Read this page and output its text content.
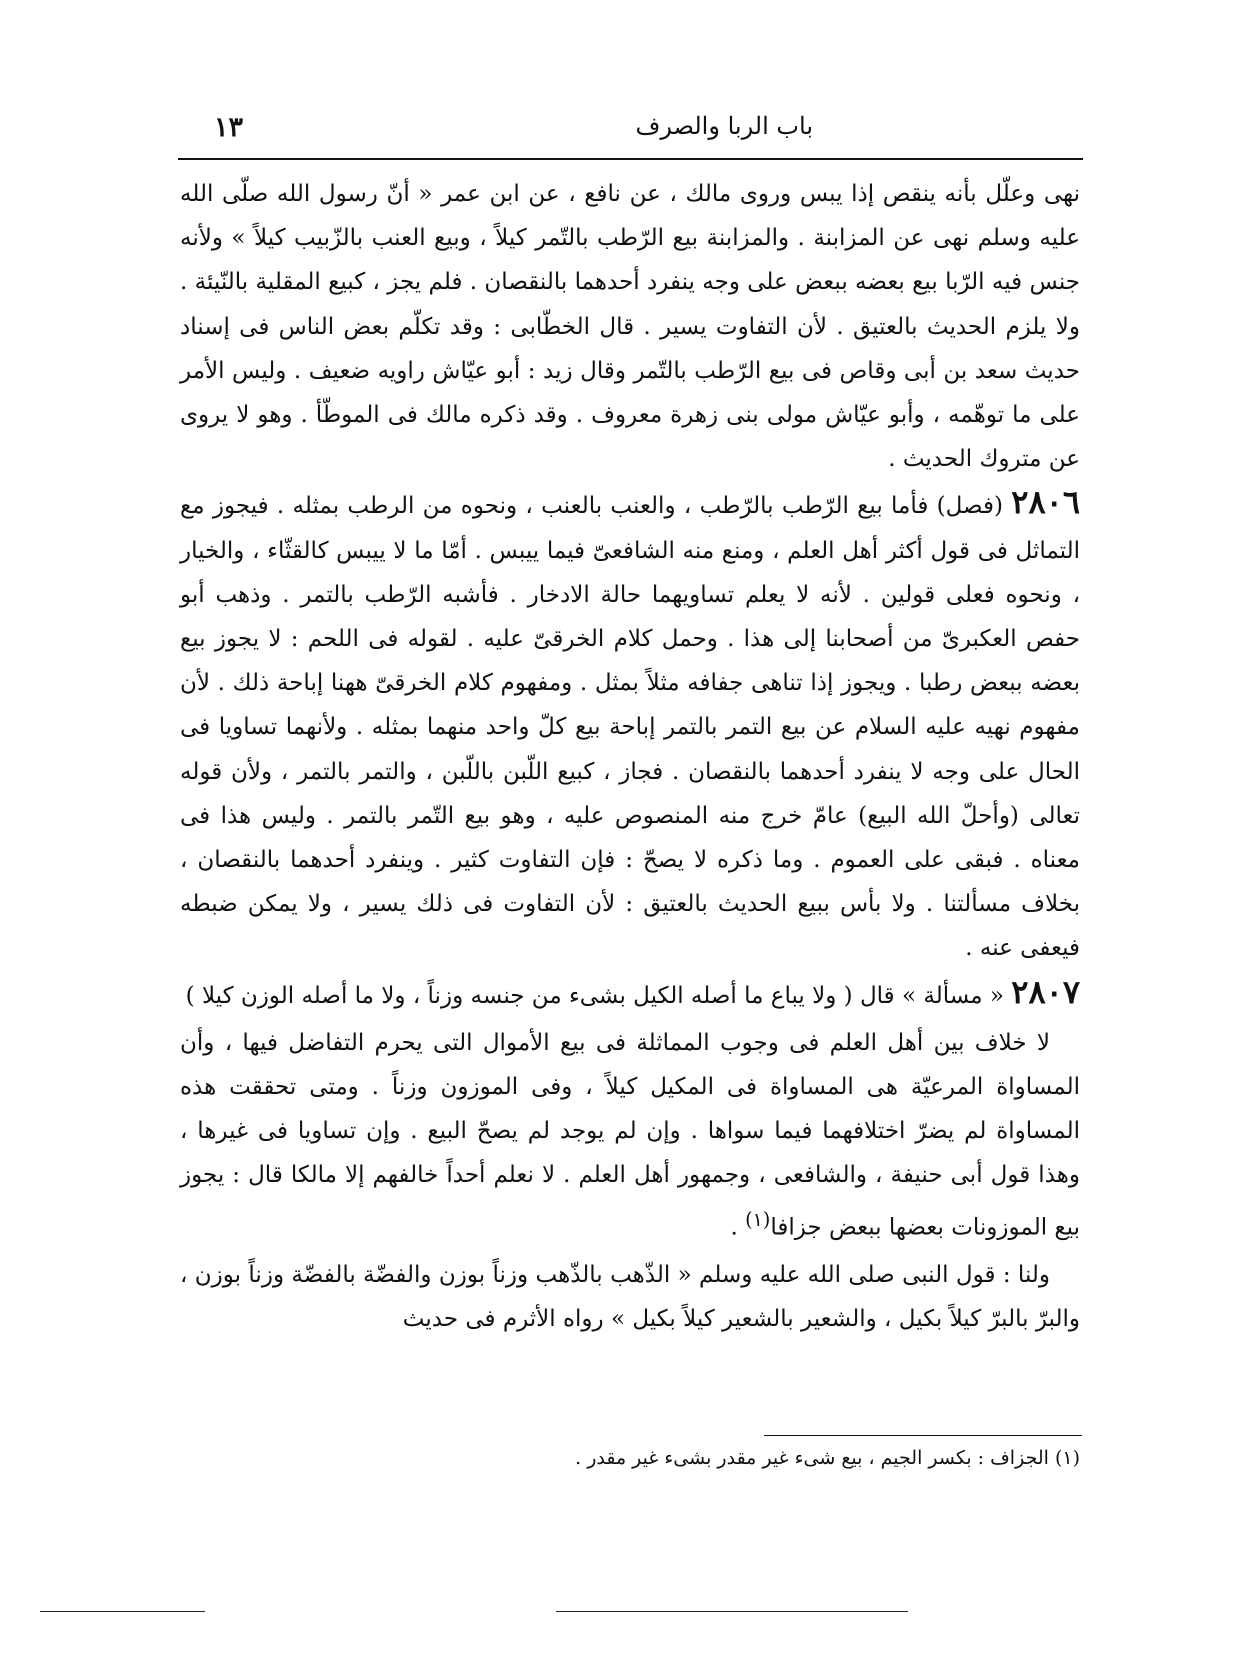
باب الربا والصرف
١٣

نهى وعلّل بأنه ينقص إذا يبس وروى مالك ، عن نافع ، عن ابن عمر « أنّ رسول الله صلّى الله عليه وسلم نهى عن المزابنة . والمزابنة بيع الرّطب بالتّمر كيلاً ، وبيع العنب بالزّبيب كيلاً » ولأنه جنس فيه الرّبا بيع بعضه ببعض على وجه ينفرد أحدهما بالنقصان . فلم يجز ، كبيع المقلية بالنّيئة . ولا يلزم الحديث بالعتيق . لأن التفاوت يسير . قال الخطّابى : وقد تكلّم بعض الناس فى إسناد حديث سعد بن أبى وقاص فى بيع الرّطب بالتّمر وقال زيد : أبو عيّاش راويه ضعيف . وليس الأمر على ما توهّمه ، وأبو عيّاش مولى بنى زهرة معروف . وقد ذكره مالك فى الموطّأ . وهو لا يروى عن متروك الحديث .

٢٨٠٦ (فصل) فأما بيع الرّطب بالرّطب ، والعنب بالعنب ، ونحوه من الرطب بمثله . فيجوز مع التماثل فى قول أكثر أهل العلم ، ومنع منه الشافعىّ فيما ييبس . أمّا ما لا ييبس كالقثّاء ، والخيار ، ونحوه فعلى قولين . لأنه لا يعلم تساويهما حالة الادخار . فأشبه الرّطب بالتمر . وذهب أبو حفص العكبرىّ من أصحابنا إلى هذا . وحمل كلام الخرقىّ عليه . لقوله فى اللحم : لا يجوز بيع بعضه ببعض رطبا . ويجوز إذا تناهى جفافه مثلاً بمثل . ومفهوم كلام الخرقىّ ههنا إباحة ذلك . لأن مفهوم نهيه عليه السلام عن بيع التمر بالتمر إباحة بيع كلّ واحد منهما بمثله . ولأنهما تساويا فى الحال على وجه لا ينفرد أحدهما بالنقصان . فجاز ، كبيع اللّبن باللّبن ، والتمر بالتمر ، ولأن قوله تعالى (وأحلّ الله البيع) عامّ خرج منه المنصوص عليه ، وهو بيع التّمر بالتمر . وليس هذا فى معناه . فبقى على العموم . وما ذكره لا يصحّ : فإن التفاوت كثير . وينفرد أحدهما بالنقصان ، بخلاف مسألتنا . ولا بأس ببيع الحديث بالعتيق : لأن التفاوت فى ذلك يسير ، ولا يمكن ضبطه فيعفى عنه .

٢٨٠٧ « مسألة » قال ( ولا يباع ما أصله الكيل بشىء من جنسه وزناً ، ولا ما أصله الوزن كيلا )

لا خلاف بين أهل العلم فى وجوب المماثلة فى بيع الأموال التى يحرم التفاضل فيها ، وأن المساواة المرعيّة هى المساواة فى المكيل كيلاً ، وفى الموزون وزناً . ومتى تحققت هذه المساواة لم يضرّ اختلافهما فيما سواها . وإن لم يوجد لم يصحّ البيع . وإن تساويا فى غيرها ، وهذا قول أبى حنيفة ، والشافعى ، وجمهور أهل العلم . لا نعلم أحداً خالفهم إلا مالكا قال : يجوز بيع الموزونات بعضها ببعض جزافا$^{(١)}$ .

ولنا : قول النبى صلى الله عليه وسلم « الذّهب بالذّهب وزناً بوزن والفضّة بالفضّة وزناً بوزن ، والبرّ بالبرّ كيلاً بكيل ، والشعير بالشعير كيلاً بكيل » رواه الأثرم فى حديث

(١) الجزاف : بكسر الجيم ، بيع شىء غير مقدر بشىء غير مقدر .
